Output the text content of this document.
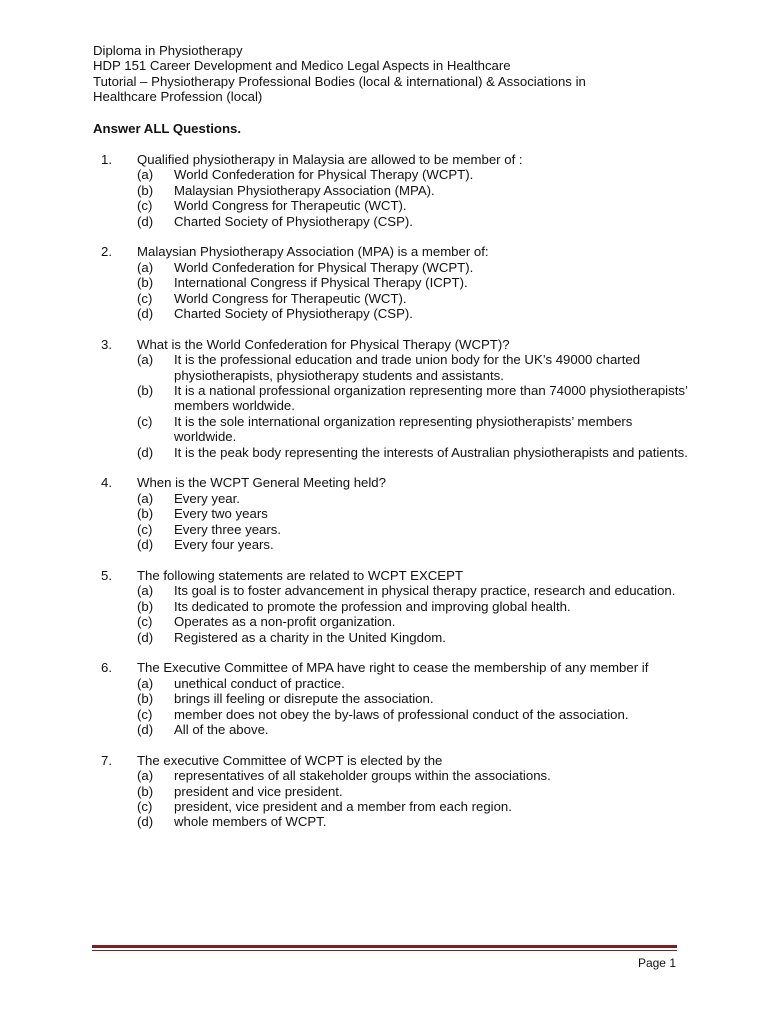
Diploma in Physiotherapy
HDP 151 Career Development and Medico Legal Aspects in Healthcare
Tutorial – Physiotherapy Professional Bodies (local & international) & Associations in
Healthcare Profession (local)
Answer ALL Questions.
1.	Qualified physiotherapy in Malaysia are allowed to be member of :
(a)	World Confederation for Physical Therapy (WCPT).
(b)	Malaysian Physiotherapy Association (MPA).
(c)	World Congress for Therapeutic (WCT).
(d)	Charted Society of Physiotherapy (CSP).
2.	Malaysian Physiotherapy Association (MPA) is a member of:
(a)	World Confederation for Physical Therapy (WCPT).
(b)	International Congress if Physical Therapy (ICPT).
(c)	World Congress for Therapeutic (WCT).
(d)	Charted Society of Physiotherapy (CSP).
3.	What is the World Confederation for Physical Therapy (WCPT)?
(a)	It is the professional education and trade union body for the UK’s 49000 charted physiotherapists, physiotherapy students and assistants.
(b)	It is a national professional organization representing more than 74000 physiotherapists’ members worldwide.
(c)	It is the sole international organization representing physiotherapists’ members worldwide.
(d)	It is the peak body representing the interests of Australian physiotherapists and patients.
4.	When is the WCPT General Meeting held?
(a)	Every year.
(b)	Every two years
(c)	Every three years.
(d)	Every four years.
5.	The following statements are related to WCPT EXCEPT
(a)	Its goal is to foster advancement in physical therapy practice, research and education.
(b)	Its dedicated to promote the profession and improving global health.
(c)	Operates as a non-profit organization.
(d)	Registered as a charity in the United Kingdom.
6.	The Executive Committee of MPA have right to cease the membership of any member if
(a)	unethical conduct of practice.
(b)	brings ill feeling or disrepute the association.
(c)	member does not obey the by-laws of professional conduct of the association.
(d)	All of the above.
7.	The executive Committee of WCPT is elected by the
(a)	representatives of all stakeholder groups within the associations.
(b)	president and vice president.
(c)	president, vice president and a member from each region.
(d)	whole members of WCPT.
Page 1
